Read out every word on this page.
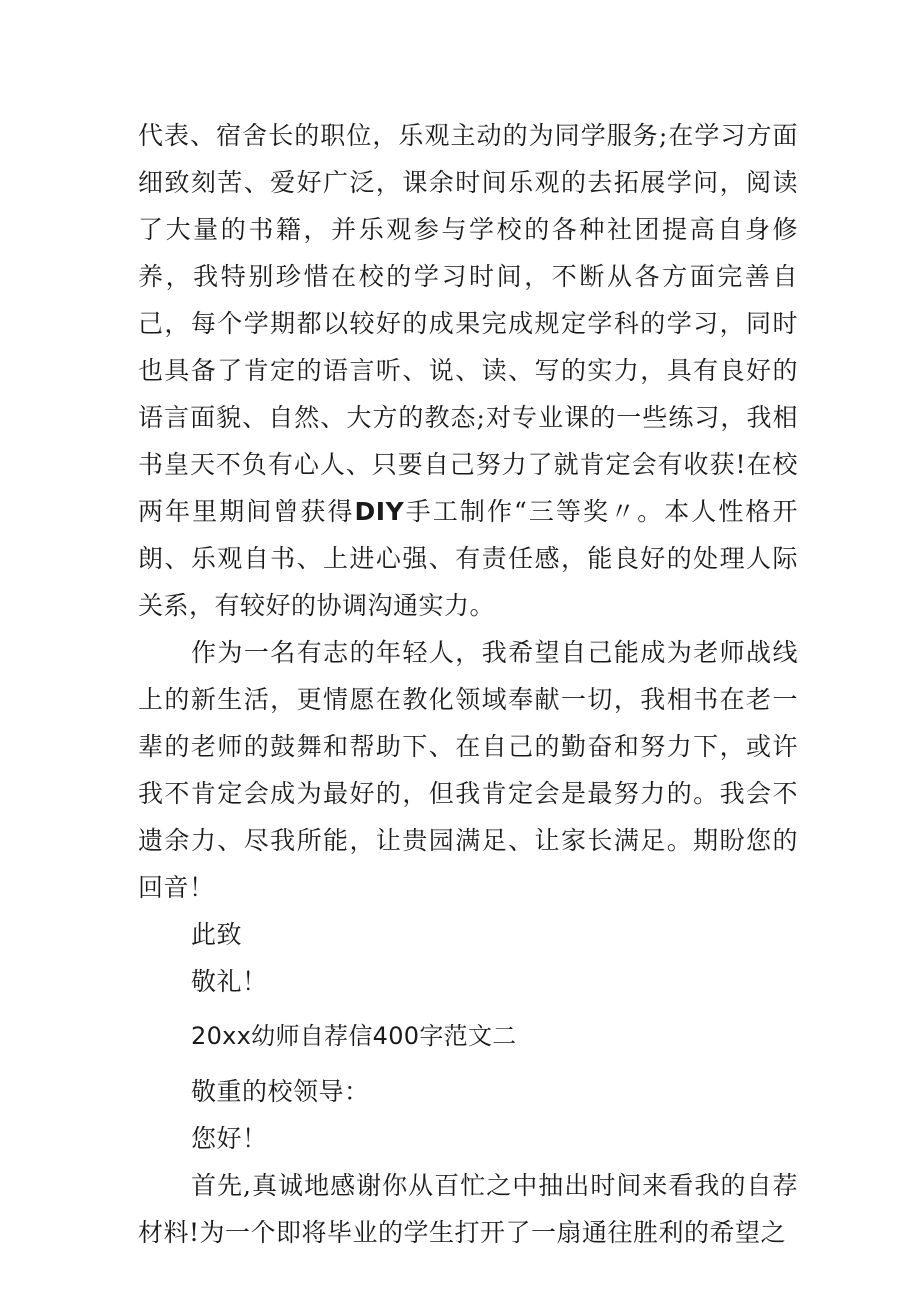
代表、宿舍长的职位，乐观主动的为同学服务;在学习方面细致刻苦、爱好广泛，课余时间乐观的去拓展学问，阅读了大量的书籍，并乐观参与学校的各种社团提高自身修养，我特别珍惜在校的学习时间，不断从各方面完善自己，每个学期都以较好的成果完成规定学科的学习，同时也具备了肯定的语言听、说、读、写的实力，具有良好的语言面貌、自然、大方的教态;对专业课的一些练习，我相书皇天不负有心人、只要自己努力了就肯定会有收获!在校两年里期间曾获得DIY手工制作“三等奖〃。本人性格开朗、乐观自书、上进心强、有责任感，能良好的处理人际关系，有较好的协调沟通实力。

作为一名有志的年轻人，我希望自己能成为老师战线上的新生活，更情愿在教化领域奉献一切，我相书在老一辈的老师的鼓舞和帮助下、在自己的勤奋和努力下，或许我不肯定会成为最好的，但我肯定会是最努力的。我会不遗余力、尽我所能，让贵园满足、让家长满足。期盼您的回音！

此致

敬礼！

20xx幼师自荐信400字范文二

敬重的校领导：

您好！

首先,真诚地感谢你从百忙之中抽出时间来看我的自荐材料!为一个即将毕业的学生打开了一扇通往胜利的希望之
